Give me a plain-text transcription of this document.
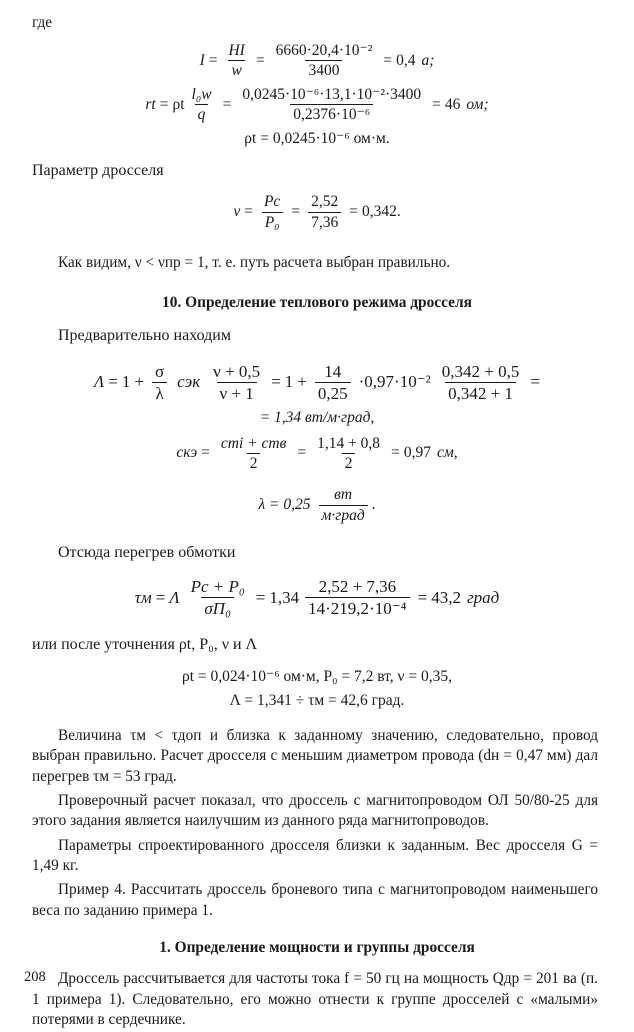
где
$I = \frac{HI}{w} = \frac{\text{6660·20,4·10⁻²}}{3400} = 0,4$ а;
rt = ρt $\frac{\text{l₀w}}{q} = \frac{\text{0,0245·10⁻⁶·13,1·10⁻²·3400}}{\text{0,2376·10⁻⁶}} = 46$ ом;
ρt = 0,0245·10⁻⁶ ом·м.
Параметр дросселя
$\nu = \frac{Pс}{\text{P₀}} = \frac{2,52}{7,36} = 0,342$.
Как видим, ν < νпр = 1, т. е. путь расчета выбран правильно.
10. Определение теплового режима дросселя
Предварительно находим
$\Lambda = 1 + \frac{\sigma}{\lambda}$ cэк $\frac{\nu + 0,5}{\nu + 1} = 1 + \frac{14}{0,25} \cdot 0,97\cdot 10^{-2} \frac{0,342 + 0,5}{0,342 + 1}$ =
= 1,34 вт/м·град,
cкэ = $\frac{\text{cті + cтв}}{2} = \frac{1,14 + 0,8}{2} = 0,97$ см,
$\lambda = 0,25 \frac{вт}{\text{м·град}}$ .
Отсюда перегрев обмотки
τм = Λ $\frac{\text{Pс + P₀}}{\text{σП₀}} = 1,34 \frac{2,52 + 7,36}{\text{14·219,2·10⁻⁴}} = 43,2$ град
или после уточнения ρt, P₀, ν и Λ
ρt = 0,024·10⁻⁶ ом·м, P₀ = 7,2 вт, ν = 0,35,
Λ = 1,341 ÷ τм = 42,6 град.
Величина τм < τдоп и близка к заданному значению, следовательно, провод выбран правильно. Расчет дросселя с меньшим диаметром провода (dн = 0,47 мм) дал перегрев τм = 53 град.
Проверочный расчет показал, что дроссель с магнитопроводом ОЛ 50/80-25 для этого задания является наилучшим из данного ряда магнитопроводов.
Параметры спроектированного дросселя близки к заданным. Вес дросселя G = 1,49 кг.
Пример 4. Рассчитать дроссель броневого типа с магнитопроводом наименьшего веса по заданию примера 1.
1. Определение мощности и группы дросселя
Дроссель рассчитывается для частоты тока f = 50 гц на мощность Qдр = 201 ва (п. 1 примера 1). Следовательно, его можно отнести к группе дросселей с «малыми» потерями в сердечнике.
208
